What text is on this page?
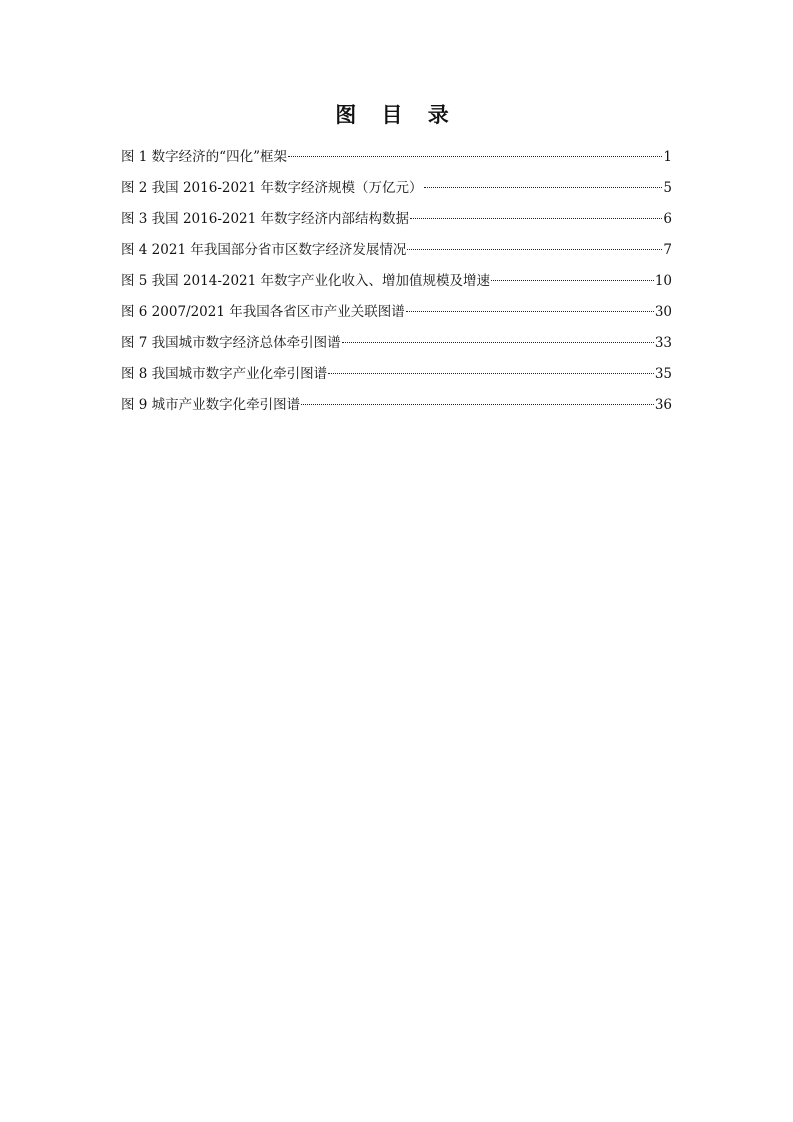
图 目 录
图 1 数字经济的“四化”框架	1
图 2 我国 2016-2021 年数字经济规模（万亿元）	5
图 3 我国 2016-2021 年数字经济内部结构数据	6
图 4 2021 年我国部分省市区数字经济发展情况	7
图 5 我国 2014-2021 年数字产业化收入、增加值规模及增速	10
图 6 2007/2021 年我国各省区市产业关联图谱	30
图 7 我国城市数字经济总体牵引图谱	33
图 8 我国城市数字产业化牵引图谱	35
图 9 城市产业数字化牵引图谱	36
